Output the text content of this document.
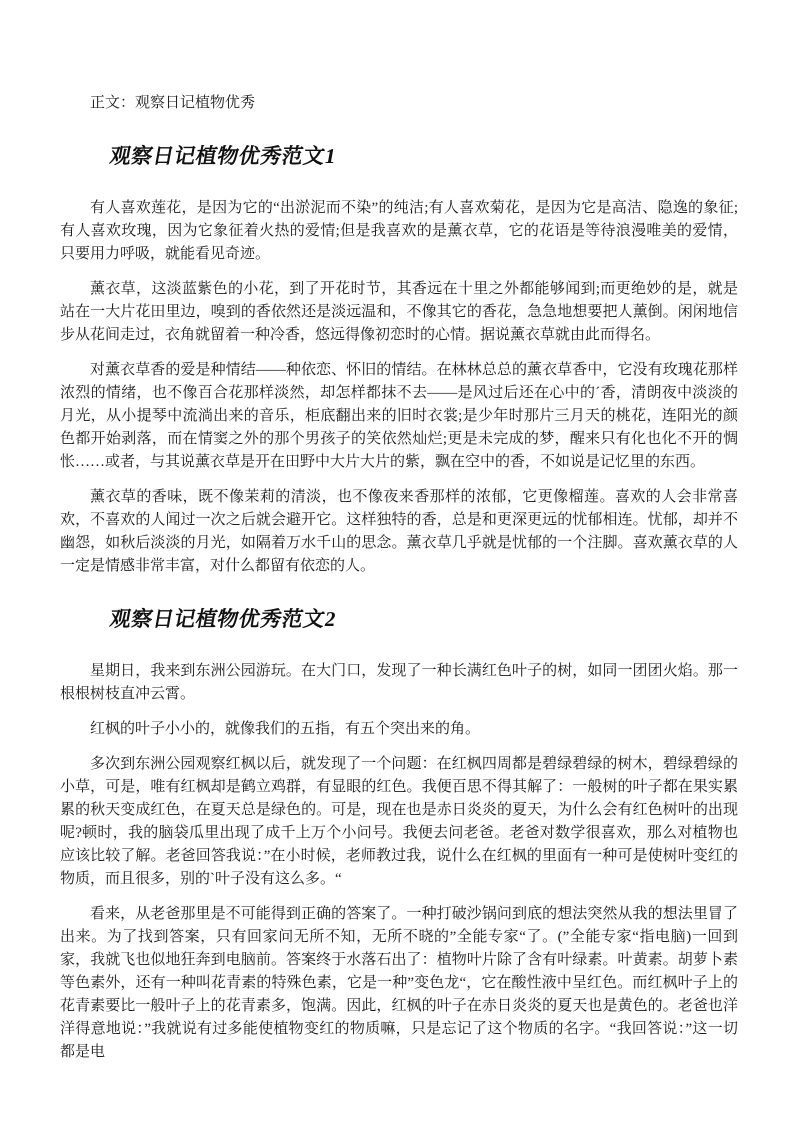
正文：观察日记植物优秀

观察日记植物优秀范文1

有人喜欢莲花，是因为它的“出淤泥而不染”的纯洁;有人喜欢菊花，是因为它是高洁、隐逸的象征;有人喜欢玫瑰，因为它象征着火热的爱情;但是我喜欢的是薰衣草，它的花语是等待浪漫唯美的爱情，只要用力呼吸，就能看见奇迹。

薰衣草，这淡蓝紫色的小花，到了开花时节，其香远在十里之外都能够闻到;而更绝妙的是，就是站在一大片花田里边，嗅到的香依然还是淡远温和，不像其它的香花，急急地想要把人薰倒。闲闲地信步从花间走过，衣角就留着一种冷香，悠远得像初恋时的心情。据说薰衣草就由此而得名。

对薰衣草香的爱是种情结——种依恋、怀旧的情结。在林林总总的薰衣草香中，它没有玫瑰花那样浓烈的情绪，也不像百合花那样淡然，却怎样都抹不去——是风过后还在心中的´香，清朗夜中淡淡的月光，从小提琴中流淌出来的音乐，柜底翻出来的旧时衣裳;是少年时那片三月天的桃花，连阳光的颜色都开始剥落，而在情窦之外的那个男孩子的笑依然灿烂;更是未完成的梦，醒来只有化也化不开的惆怅……或者，与其说薰衣草是开在田野中大片大片的紫，飘在空中的香，不如说是记忆里的东西。

薰衣草的香味，既不像茉莉的清淡，也不像夜来香那样的浓郁，它更像榴莲。喜欢的人会非常喜欢，不喜欢的人闻过一次之后就会避开它。这样独特的香，总是和更深更远的忧郁相连。忧郁，却并不幽怨，如秋后淡淡的月光，如隔着万水千山的思念。薰衣草几乎就是忧郁的一个注脚。喜欢薰衣草的人一定是情感非常丰富，对什么都留有依恋的人。

观察日记植物优秀范文2

星期日，我来到东洲公园游玩。在大门口，发现了一种长满红色叶子的树，如同一团团火焰。那一根根树枝直冲云霄。

红枫的叶子小小的，就像我们的五指，有五个突出来的角。

多次到东洲公园观察红枫以后，就发现了一个问题：在红枫四周都是碧绿碧绿的树木，碧绿碧绿的小草，可是，唯有红枫却是鹤立鸡群，有显眼的红色。我便百思不得其解了：一般树的叶子都在果实累累的秋天变成红色，在夏天总是绿色的。可是，现在也是赤日炎炎的夏天，为什么会有红色树叶的出现呢?顿时，我的脑袋瓜里出现了成千上万个小问号。我便去问老爸。老爸对数学很喜欢，那么对植物也应该比较了解。老爸回答我说：”在小时候，老师教过我，说什么在红枫的里面有一种可是使树叶变红的物质，而且很多，别的`叶子没有这么多。“

看来，从老爸那里是不可能得到正确的答案了。一种打破沙锅问到底的想法突然从我的想法里冒了出来。为了找到答案，只有回家问无所不知，无所不晓的”全能专家“了。(”全能专家“指电脑)一回到家，我就飞也似地狂奔到电脑前。答案终于水落石出了：植物叶片除了含有叶绿素。叶黄素。胡萝卜素等色素外，还有一种叫花青素的特殊色素，它是一种”变色龙“，它在酸性液中呈红色。而红枫叶子上的花青素要比一般叶子上的花青素多，饱满。因此，红枫的叶子在赤日炎炎的夏天也是黄色的。老爸也洋洋得意地说：”我就说有过多能使植物变红的物质嘛，只是忘记了这个物质的名字。“我回答说：”这一切都是电
